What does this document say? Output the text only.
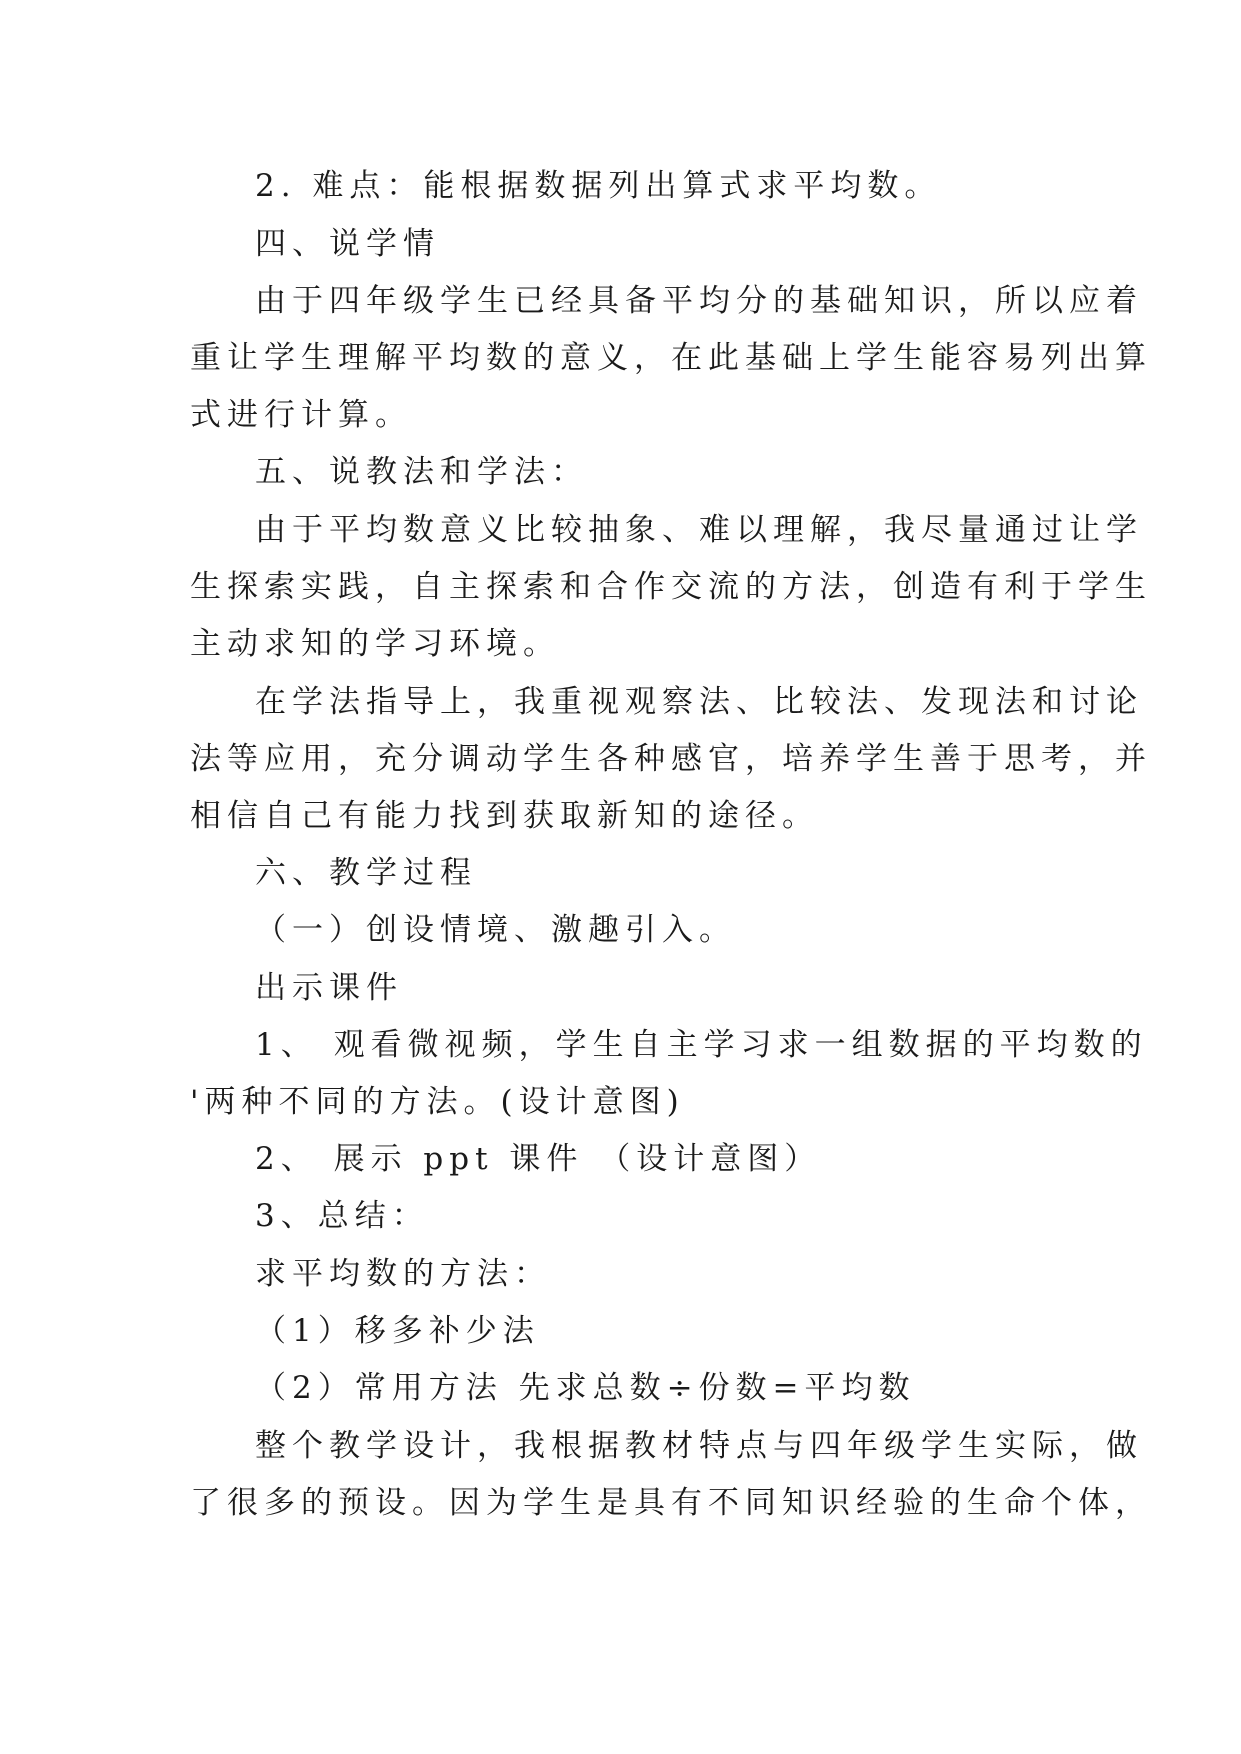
2. 难点：能根据数据列出算式求平均数。
四、说学情
由于四年级学生已经具备平均分的基础知识，所以应着
重让学生理解平均数的意义，在此基础上学生能容易列出算
式进行计算。
五、说教法和学法：
由于平均数意义比较抽象、难以理解，我尽量通过让学
生探索实践，自主探索和合作交流的方法，创造有利于学生
主动求知的学习环境。
在学法指导上，我重视观察法、比较法、发现法和讨论
法等应用，充分调动学生各种感官，培养学生善于思考，并
相信自己有能力找到获取新知的途径。
六、教学过程
（一）创设情境、激趣引入。
出示课件
1、 观看微视频，学生自主学习求一组数据的平均数的
'两种不同的方法。(设计意图)
2、 展示 ppt 课件 （设计意图）
3、总结：
求平均数的方法：
（1）移多补少法
（2）常用方法 先求总数÷份数=平均数
整个教学设计，我根据教材特点与四年级学生实际，做
了很多的预设。因为学生是具有不同知识经验的生命个体，
